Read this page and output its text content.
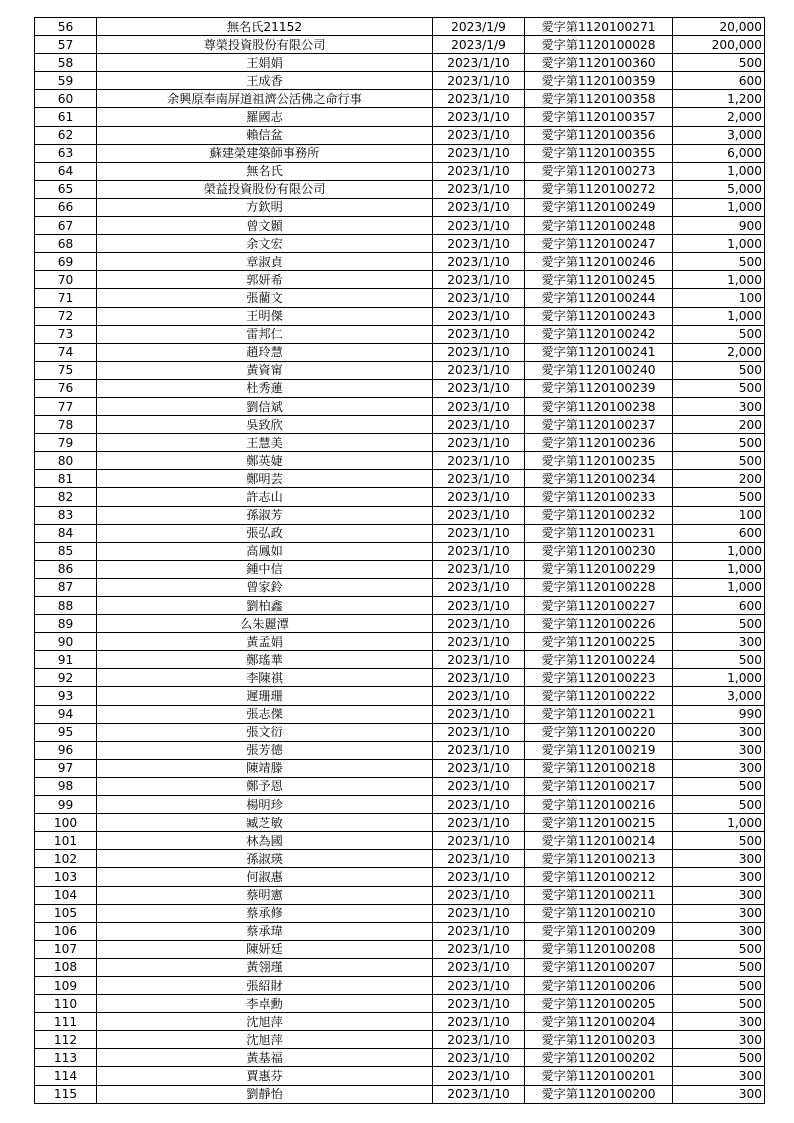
56	無名氏21152	2023/1/9	愛字第1120100271	20,000
57	尊榮投資股份有限公司	2023/1/9	愛字第1120100028	200,000
58	王娟娟	2023/1/10	愛字第1120100360	500
59	王成香	2023/1/10	愛字第1120100359	600
60	余興原奉南屏道祖濟公活佛之命行事	2023/1/10	愛字第1120100358	1,200
61	羅國志	2023/1/10	愛字第1120100357	2,000
62	賴信盆	2023/1/10	愛字第1120100356	3,000
63	蘇建榮建築師事務所	2023/1/10	愛字第1120100355	6,000
64	無名氏	2023/1/10	愛字第1120100273	1,000
65	榮益投資股份有限公司	2023/1/10	愛字第1120100272	5,000
66	方欽明	2023/1/10	愛字第1120100249	1,000
67	曾文顥	2023/1/10	愛字第1120100248	900
68	余文宏	2023/1/10	愛字第1120100247	1,000
69	章淑貞	2023/1/10	愛字第1120100246	500
70	郭妍希	2023/1/10	愛字第1120100245	1,000
71	張藺文	2023/1/10	愛字第1120100244	100
72	王明傑	2023/1/10	愛字第1120100243	1,000
73	雷邦仁	2023/1/10	愛字第1120100242	500
74	趙玲慧	2023/1/10	愛字第1120100241	2,000
75	黃資甯	2023/1/10	愛字第1120100240	500
76	杜秀蓮	2023/1/10	愛字第1120100239	500
77	劉信斌	2023/1/10	愛字第1120100238	300
78	吳致欣	2023/1/10	愛字第1120100237	200
79	王慧美	2023/1/10	愛字第1120100236	500
80	鄭英婕	2023/1/10	愛字第1120100235	500
81	鄭明芸	2023/1/10	愛字第1120100234	200
82	許志山	2023/1/10	愛字第1120100233	500
83	孫淑芳	2023/1/10	愛字第1120100232	100
84	張弘政	2023/1/10	愛字第1120100231	600
85	高鳳如	2023/1/10	愛字第1120100230	1,000
86	鍾中信	2023/1/10	愛字第1120100229	1,000
87	曾家鈴	2023/1/10	愛字第1120100228	1,000
88	劉柏鑫	2023/1/10	愛字第1120100227	600
89	么朱麗潭	2023/1/10	愛字第1120100226	500
90	黃孟娟	2023/1/10	愛字第1120100225	300
91	鄭瑤華	2023/1/10	愛字第1120100224	500
92	李陳祺	2023/1/10	愛字第1120100223	1,000
93	遲珊珊	2023/1/10	愛字第1120100222	3,000
94	張志傑	2023/1/10	愛字第1120100221	990
95	張文衍	2023/1/10	愛字第1120100220	300
96	張芳德	2023/1/10	愛字第1120100219	300
97	陳靖滕	2023/1/10	愛字第1120100218	300
98	鄭予恩	2023/1/10	愛字第1120100217	500
99	楊明珍	2023/1/10	愛字第1120100216	500
100	臧芝敏	2023/1/10	愛字第1120100215	1,000
101	林為國	2023/1/10	愛字第1120100214	500
102	孫淑瑛	2023/1/10	愛字第1120100213	300
103	何淑惠	2023/1/10	愛字第1120100212	300
104	蔡明憲	2023/1/10	愛字第1120100211	300
105	蔡承修	2023/1/10	愛字第1120100210	300
106	蔡承瑋	2023/1/10	愛字第1120100209	300
107	陳妍廷	2023/1/10	愛字第1120100208	500
108	黃翎瑾	2023/1/10	愛字第1120100207	500
109	張紹財	2023/1/10	愛字第1120100206	500
110	李卓勳	2023/1/10	愛字第1120100205	500
111	沈旭萍	2023/1/10	愛字第1120100204	300
112	沈旭萍	2023/1/10	愛字第1120100203	300
113	黃基福	2023/1/10	愛字第1120100202	500
114	賈惠芬	2023/1/10	愛字第1120100201	300
115	劉靜怡	2023/1/10	愛字第1120100200	300
